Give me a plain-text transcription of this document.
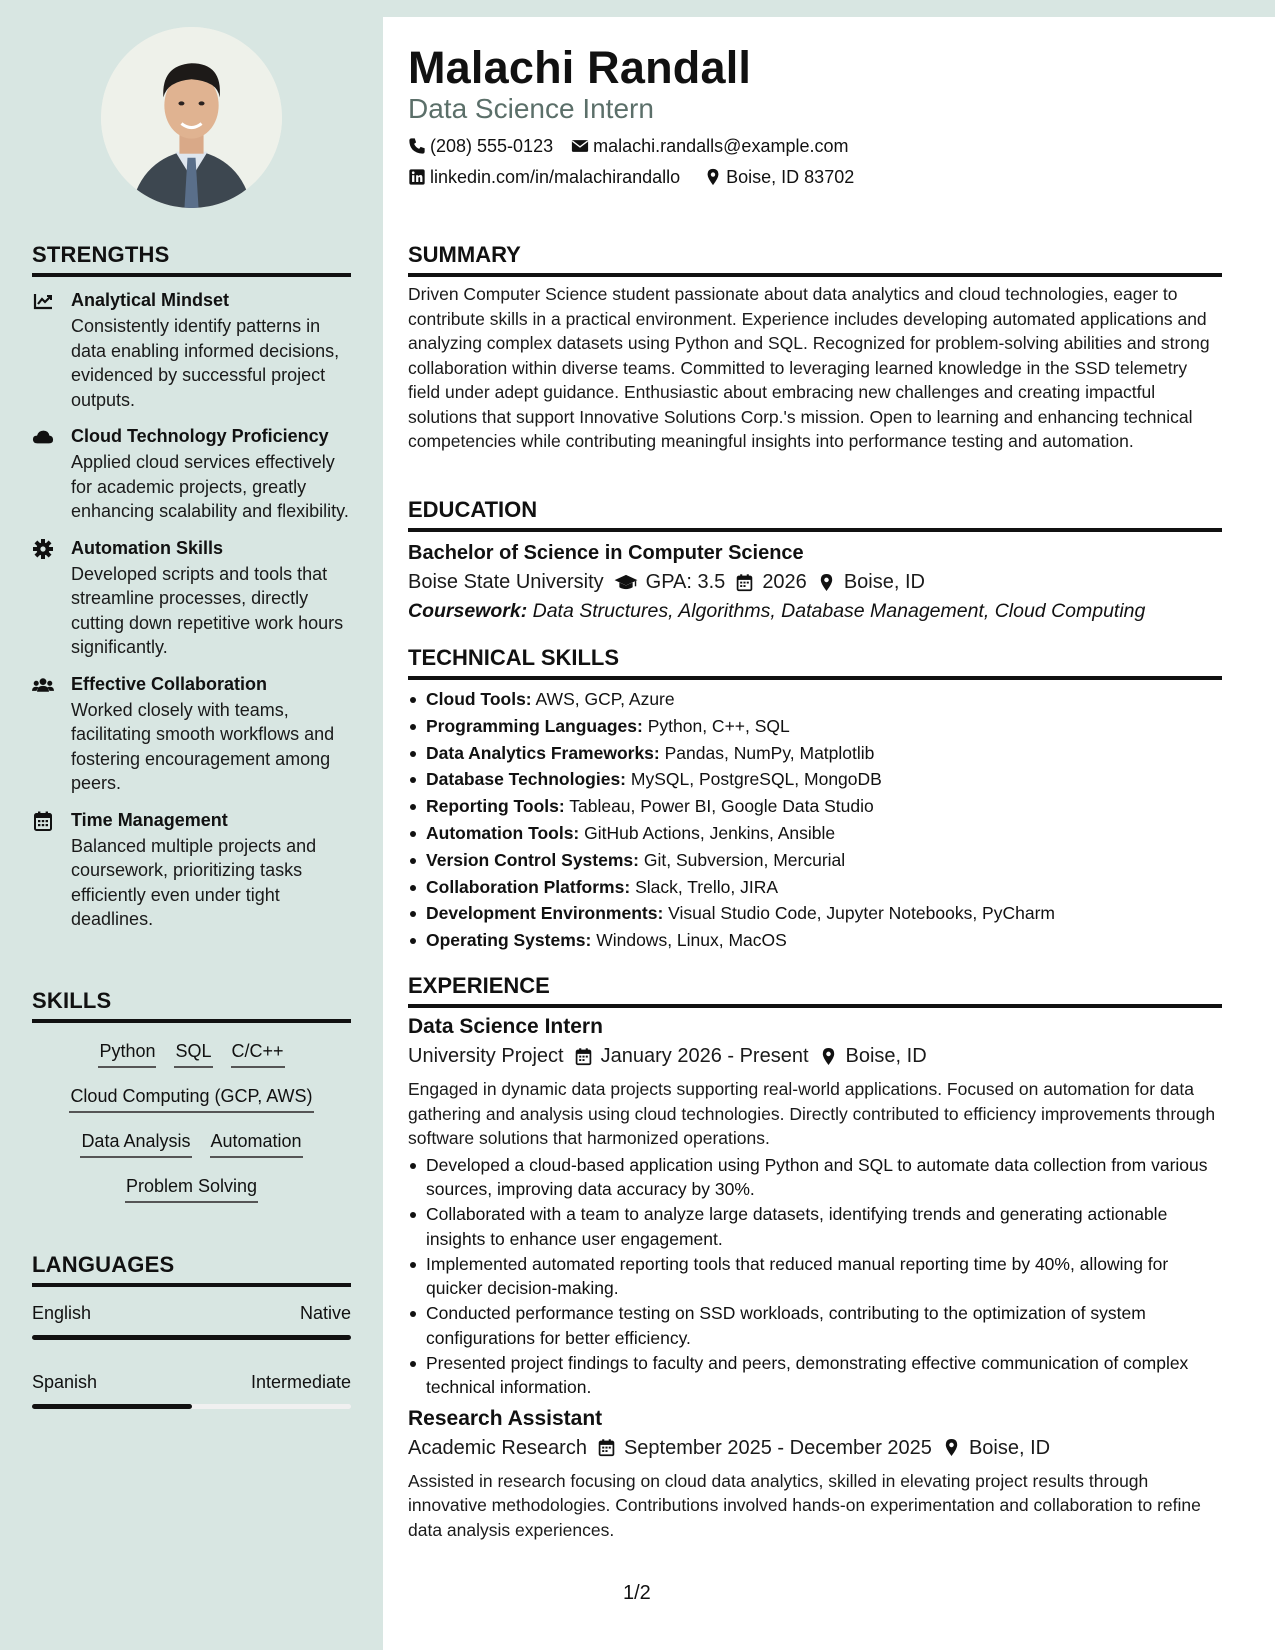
STRENGTHS
Analytical Mindset
Consistently identify patterns in data enabling informed decisions, evidenced by successful project outputs.
Cloud Technology Proficiency
Applied cloud services effectively for academic projects, greatly enhancing scalability and flexibility.
Automation Skills
Developed scripts and tools that streamline processes, directly cutting down repetitive work hours significantly.
Effective Collaboration
Worked closely with teams, facilitating smooth workflows and fostering encouragement among peers.
Time Management
Balanced multiple projects and coursework, prioritizing tasks efficiently even under tight deadlines.
SKILLS
Python SQL C/C++
Cloud Computing (GCP, AWS)
Data Analysis Automation
Problem Solving
LANGUAGES
English	Native
Spanish	Intermediate
Malachi Randall
Data Science Intern
(208) 555-0123 malachi.randalls@example.com
linkedin.com/in/malachirandallo	Boise, ID 83702
SUMMARY

Driven Computer Science student passionate about data analytics and cloud technologies, eager to contribute skills in a practical environment. Experience includes developing automated applications and analyzing complex datasets using Python and SQL. Recognized for problem-solving abilities and strong collaboration within diverse teams. Committed to leveraging learned knowledge in the SSD telemetry field under adept guidance. Enthusiastic about embracing new challenges and creating impactful solutions that support Innovative Solutions Corp.'s mission. Open to learning and enhancing technical competencies while contributing meaningful insights into performance testing and automation.

EDUCATION
Bachelor of Science in Computer Science
Boise State University GPA: 3.5 2026 Boise, ID
Coursework: Data Structures, Algorithms, Database Management, Cloud Computing
TECHNICAL SKILLS
Cloud Tools: AWS, GCP, Azure
Programming Languages: Python, C++, SQL
Data Analytics Frameworks: Pandas, NumPy, Matplotlib
Database Technologies: MySQL, PostgreSQL, MongoDB
Reporting Tools: Tableau, Power BI, Google Data Studio
Automation Tools: GitHub Actions, Jenkins, Ansible
Version Control Systems: Git, Subversion, Mercurial
Collaboration Platforms: Slack, Trello, JIRA
Development Environments: Visual Studio Code, Jupyter Notebooks, PyCharm
Operating Systems: Windows, Linux, MacOS
EXPERIENCE
Data Science Intern
University Project January 2026 - Present Boise, ID

Engaged in dynamic data projects supporting real-world applications. Focused on automation for data gathering and analysis using cloud technologies. Directly contributed to efficiency improvements through software solutions that harmonized operations.

Developed a cloud-based application using Python and SQL to automate data collection from various sources, improving data accuracy by 30%.
Collaborated with a team to analyze large datasets, identifying trends and generating actionable insights to enhance user engagement.
Implemented automated reporting tools that reduced manual reporting time by 40%, allowing for quicker decision-making.
Conducted performance testing on SSD workloads, contributing to the optimization of system configurations for better efficiency.
Presented project findings to faculty and peers, demonstrating effective communication of complex technical information.
Research Assistant
Academic Research September 2025 - December 2025 Boise, ID

Assisted in research focusing on cloud data analytics, skilled in elevating project results through innovative methodologies. Contributions involved hands-on experimentation and collaboration to refine data analysis experiences.

1/2
